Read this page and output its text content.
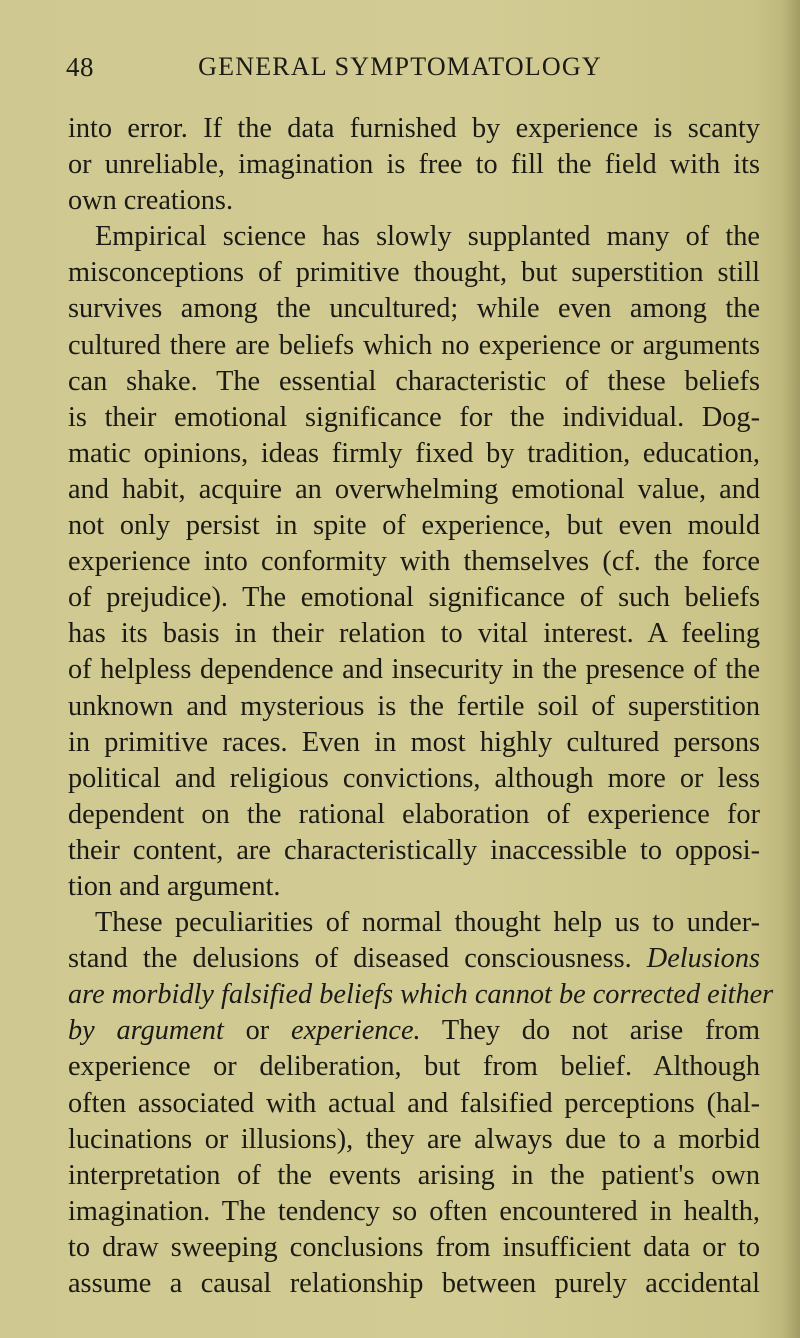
48	GENERAL SYMPTOMATOLOGY
into error. If the data furnished by experience is scanty
or unreliable, imagination is free to fill the field with its
own creations.
Empirical science has slowly supplanted many of the
misconceptions of primitive thought, but superstition still
survives among the uncultured; while even among the
cultured there are beliefs which no experience or arguments
can shake. The essential characteristic of these beliefs
is their emotional significance for the individual. Dog-
matic opinions, ideas firmly fixed by tradition, education,
and habit, acquire an overwhelming emotional value, and
not only persist in spite of experience, but even mould
experience into conformity with themselves (cf. the force
of prejudice). The emotional significance of such beliefs
has its basis in their relation to vital interest. A feeling
of helpless dependence and insecurity in the presence of the
unknown and mysterious is the fertile soil of superstition
in primitive races. Even in most highly cultured persons
political and religious convictions, although more or less
dependent on the rational elaboration of experience for
their content, are characteristically inaccessible to opposi-
tion and argument.
These peculiarities of normal thought help us to under-
stand the delusions of diseased consciousness. Delusions
are morbidly falsified beliefs which cannot be corrected either
by argument or experience. They do not arise from
experience or deliberation, but from belief. Although
often associated with actual and falsified perceptions (hal-
lucinations or illusions), they are always due to a morbid
interpretation of the events arising in the patient's own
imagination. The tendency so often encountered in health,
to draw sweeping conclusions from insufficient data or to
assume a causal relationship between purely accidental
